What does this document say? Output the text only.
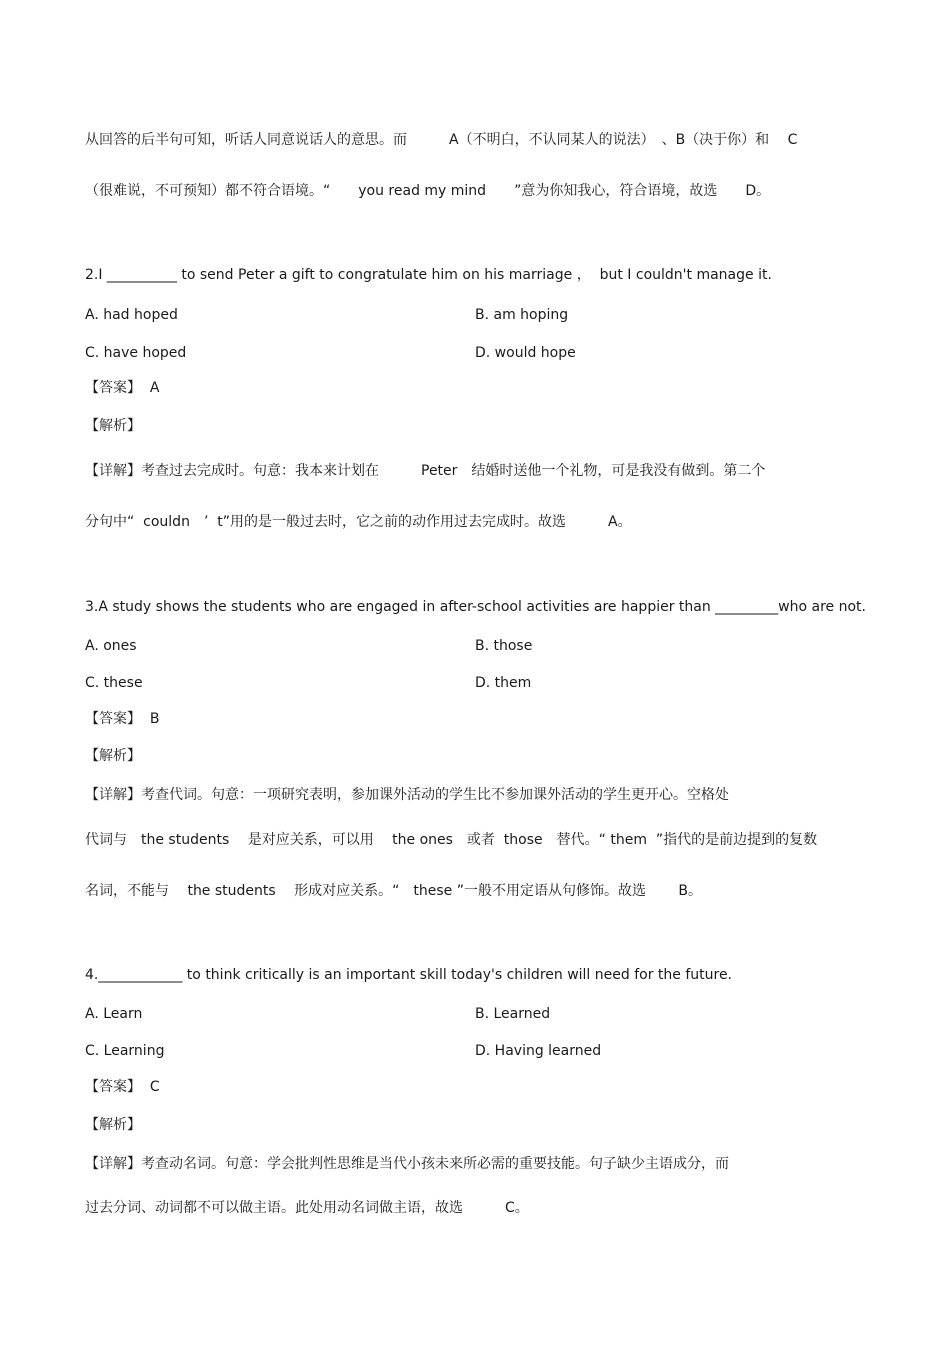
从回答的后半句可知，听话人同意说话人的意思。而　　　A（不明白，不认同某人的说法）　、B（决于你）和　 C
（很难说，不可预知）都不符合语境。“　　you read my mind　　”意为你知我心，符合语境，故选　　D。
2.I __________ to send Peter a gift to congratulate him on his marriage ，  but I couldn't manage it.
A. had hoped	B. am hoping
C. have hoped	D. would hope
【答案】  A
【解析】
【详解】考查过去完成时。句意：我本来计划在　　　Peter　结婚时送他一个礼物，可是我没有做到。第二个
分句中“  couldn　’  t”用的是一般过去时，它之前的动作用过去完成时。故选　　　A。
3.A study shows the students who are engaged in after-school activities are happier than _________who are not.
A. ones	B. those
C. these	D. them
【答案】  B
【解析】
【详解】考查代词。句意：一项研究表明，参加课外活动的学生比不参加课外活动的学生更开心。空格处
代词与　the students　 是对应关系，可以用　 the ones　或者  those　替代。“ them  ”指代的是前边提到的复数
名词，不能与　 the students　 形成对应关系。“　these ”一般不用定语从句修饰。故选　　 B。
4.____________ to think critically is an important skill today's children will need for the future.
A. Learn	B. Learned
C. Learning	D. Having learned
【答案】  C
【解析】
【详解】考查动名词。句意：学会批判性思维是当代小孩未来所必需的重要技能。句子缺少主语成分，而
过去分词、动词都不可以做主语。此处用动名词做主语，故选　　　C。
